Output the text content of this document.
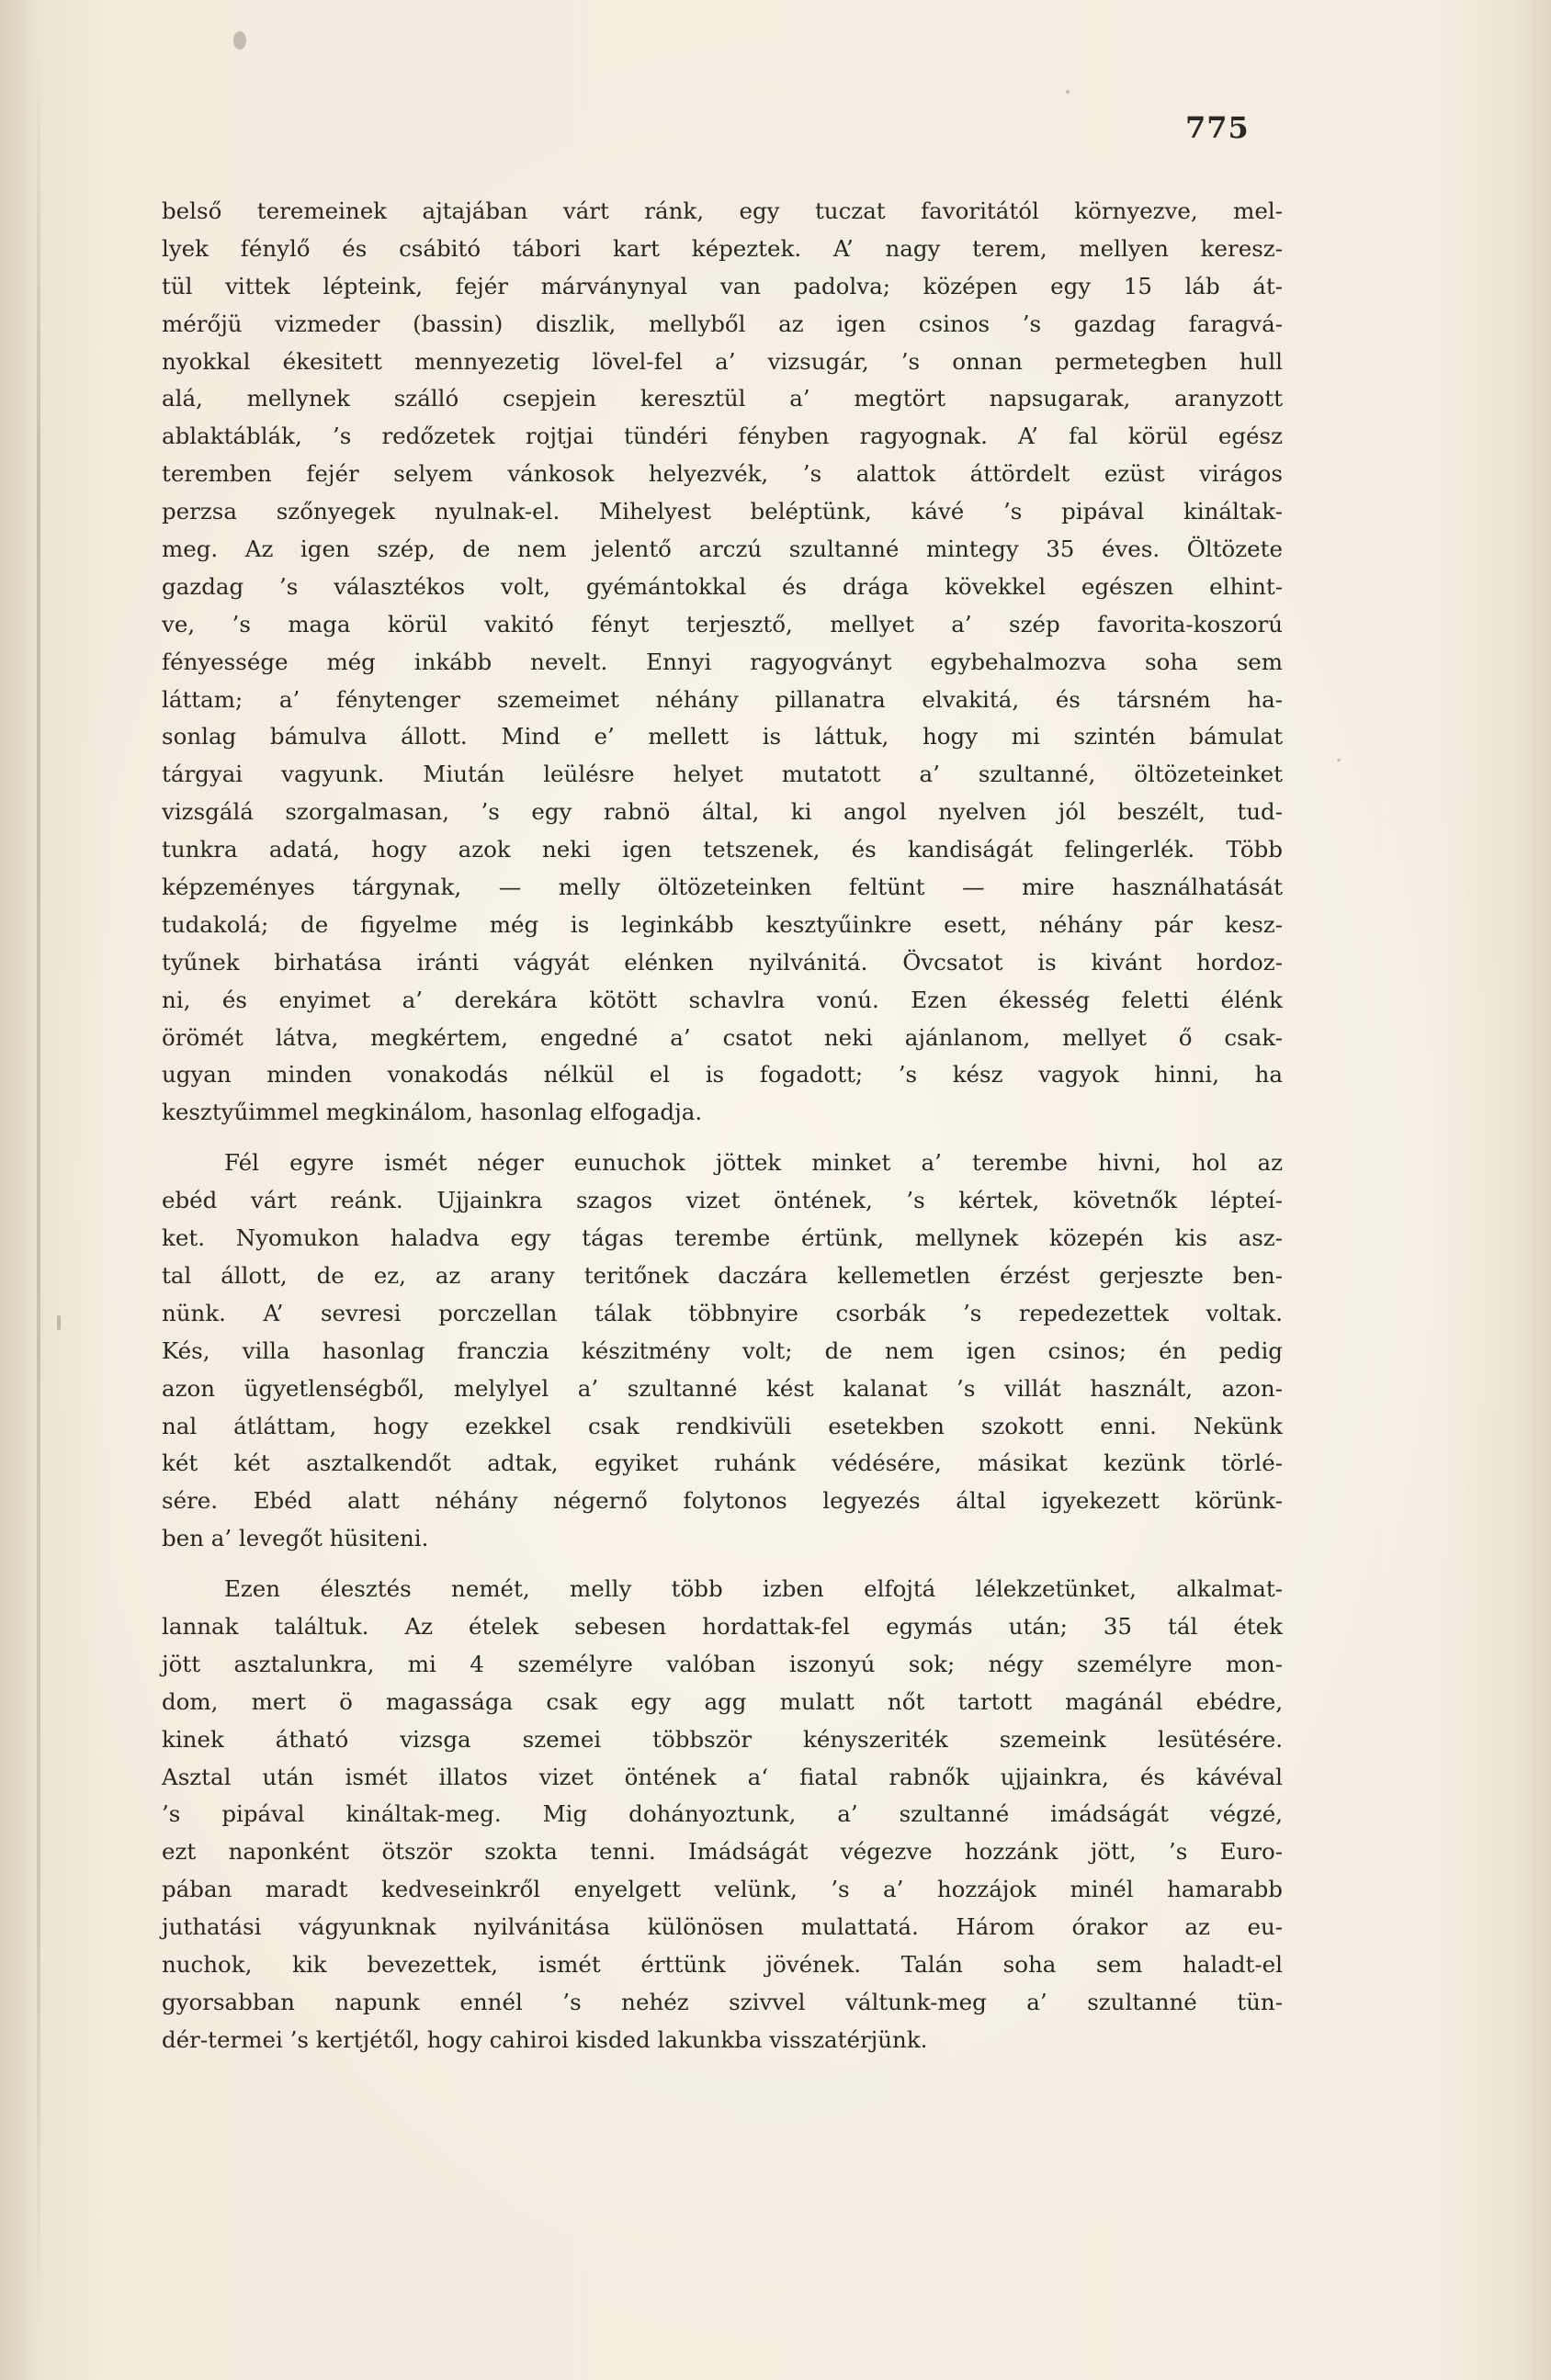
775
belső teremeinek ajtajában várt ránk, egy tuczat favoritától környezve, mel-
lyek fénylő és csábitó tábori kart képeztek. A’ nagy terem, mellyen keresz-
tül vittek lépteink, fejér márványnyal van padolva; középen egy 15 láb át-
mérőjü vizmeder (bassin) diszlik, mellyből az igen csinos ’s gazdag faragvá-
nyokkal ékesitett mennyezetig lövel-fel a’ vizsugár, ’s onnan permetegben hull
alá, mellynek szálló csepjein keresztül a’ megtört napsugarak, aranyzott
ablaktáblák, ’s redőzetek rojtjai tündéri fényben ragyognak. A’ fal körül egész
teremben fejér selyem vánkosok helyezvék, ’s alattok áttördelt ezüst virágos
perzsa szőnyegek nyulnak-el. Mihelyest beléptünk, kávé ’s pipával kináltak-
meg. Az igen szép, de nem jelentő arczú szultanné mintegy 35 éves. Öltözete
gazdag ’s választékos volt, gyémántokkal és drága kövekkel egészen elhint-
ve, ’s maga körül vakitó fényt terjesztő, mellyet a’ szép favorita-koszorú
fényessége még inkább nevelt. Ennyi ragyogványt egybehalmozva soha sem
láttam; a’ fénytenger szemeimet néhány pillanatra elvakitá, és társném ha-
sonlag bámulva állott. Mind e’ mellett is láttuk, hogy mi szintén bámulat
tárgyai vagyunk. Miután leülésre helyet mutatott a’ szultanné, öltözeteinket
vizsgálá szorgalmasan, ’s egy rabnö által, ki angol nyelven jól beszélt, tud-
tunkra adatá, hogy azok neki igen tetszenek, és kandiságát felingerlék. Több
képzeményes tárgynak, — melly öltözeteinken feltünt — mire használhatását
tudakolá; de figyelme még is leginkább kesztyűinkre esett, néhány pár kesz-
tyűnek birhatása iránti vágyát elénken nyilvánitá. Övcsatot is kivánt hordoz-
ni, és enyimet a’ derekára kötött schavlra vonú. Ezen ékesség feletti élénk
örömét látva, megkértem, engedné a’ csatot neki ajánlanom, mellyet ő csak-
ugyan minden vonakodás nélkül el is fogadott; ’s kész vagyok hinni, ha
kesztyűimmel megkinálom, hasonlag elfogadja.
Fél egyre ismét néger eunuchok jöttek minket a’ terembe hivni, hol az
ebéd várt reánk. Ujjainkra szagos vizet öntének, ’s kértek, követnők lépteí-
ket. Nyomukon haladva egy tágas terembe értünk, mellynek közepén kis asz-
tal állott, de ez, az arany teritőnek daczára kellemetlen érzést gerjeszte ben-
nünk. A’ sevresi porczellan tálak többnyire csorbák ’s repedezettek voltak.
Kés, villa hasonlag franczia készitmény volt; de nem igen csinos; én pedig
azon ügyetlenségből, melylyel a’ szultanné kést kalanat ’s villát használt, azon-
nal átláttam, hogy ezekkel csak rendkivüli esetekben szokott enni. Nekünk
két két asztalkendőt adtak, egyiket ruhánk védésére, másikat kezünk törlé-
sére. Ebéd alatt néhány négernő folytonos legyezés által igyekezett körünk-
ben a’ levegőt hüsiteni.
Ezen élesztés nemét, melly több izben elfojtá lélekzetünket, alkalmat-
lannak találtuk. Az ételek sebesen hordattak-fel egymás után; 35 tál étek
jött asztalunkra, mi 4 személyre valóban iszonyú sok; négy személyre mon-
dom, mert ö magassága csak egy agg mulatt nőt tartott magánál ebédre,
kinek átható vizsga szemei többször kényszeriték szemeink lesütésére.
Asztal után ismét illatos vizet öntének a‘ fiatal rabnők ujjainkra, és kávéval
’s pipával kináltak-meg. Mig dohányoztunk, a’ szultanné imádságát végzé,
ezt naponként ötször szokta tenni. Imádságát végezve hozzánk jött, ’s Euro-
pában maradt kedveseinkről enyelgett velünk, ’s a’ hozzájok minél hamarabb
juthatási vágyunknak nyilvánitása különösen mulattatá. Három órakor az eu-
nuchok, kik bevezettek, ismét érttünk jövének. Talán soha sem haladt-el
gyorsabban napunk ennél ’s nehéz szivvel váltunk-meg a’ szultanné tün-
dér-termei ’s kertjétől, hogy cahiroi kisded lakunkba visszatérjünk.
